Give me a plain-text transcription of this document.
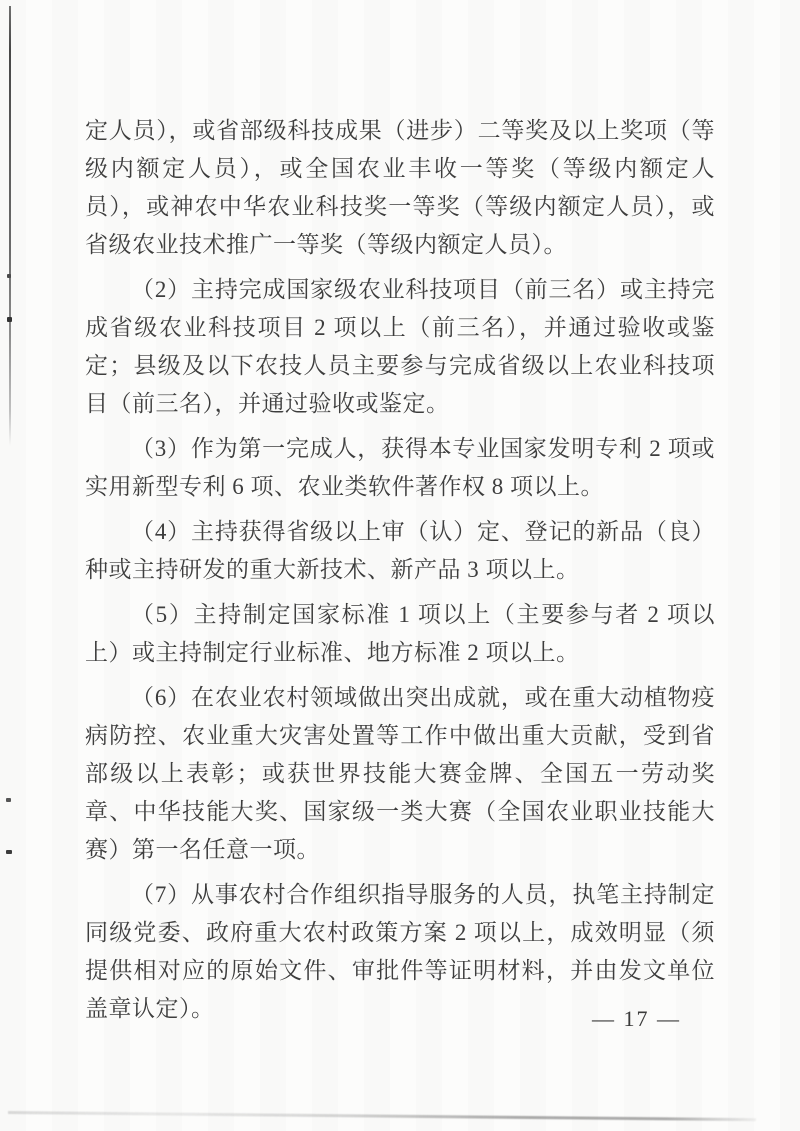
定人员），或省部级科技成果（进步）二等奖及以上奖项（等级内额定人员），或全国农业丰收一等奖（等级内额定人员），或神农中华农业科技奖一等奖（等级内额定人员），或省级农业技术推广一等奖（等级内额定人员）。

（2）主持完成国家级农业科技项目（前三名）或主持完成省级农业科技项目 2 项以上（前三名），并通过验收或鉴定；县级及以下农技人员主要参与完成省级以上农业科技项目（前三名），并通过验收或鉴定。

（3）作为第一完成人，获得本专业国家发明专利 2 项或实用新型专利 6 项、农业类软件著作权 8 项以上。

（4）主持获得省级以上审（认）定、登记的新品（良）种或主持研发的重大新技术、新产品 3 项以上。

（5）主持制定国家标准 1 项以上（主要参与者 2 项以上）或主持制定行业标准、地方标准 2 项以上。

（6）在农业农村领域做出突出成就，或在重大动植物疫病防控、农业重大灾害处置等工作中做出重大贡献，受到省部级以上表彰；或获世界技能大赛金牌、全国五一劳动奖章、中华技能大奖、国家级一类大赛（全国农业职业技能大赛）第一名任意一项。

（7）从事农村合作组织指导服务的人员，执笔主持制定同级党委、政府重大农村政策方案 2 项以上，成效明显（须提供相对应的原始文件、审批件等证明材料，并由发文单位盖章认定）。	— 17 —
